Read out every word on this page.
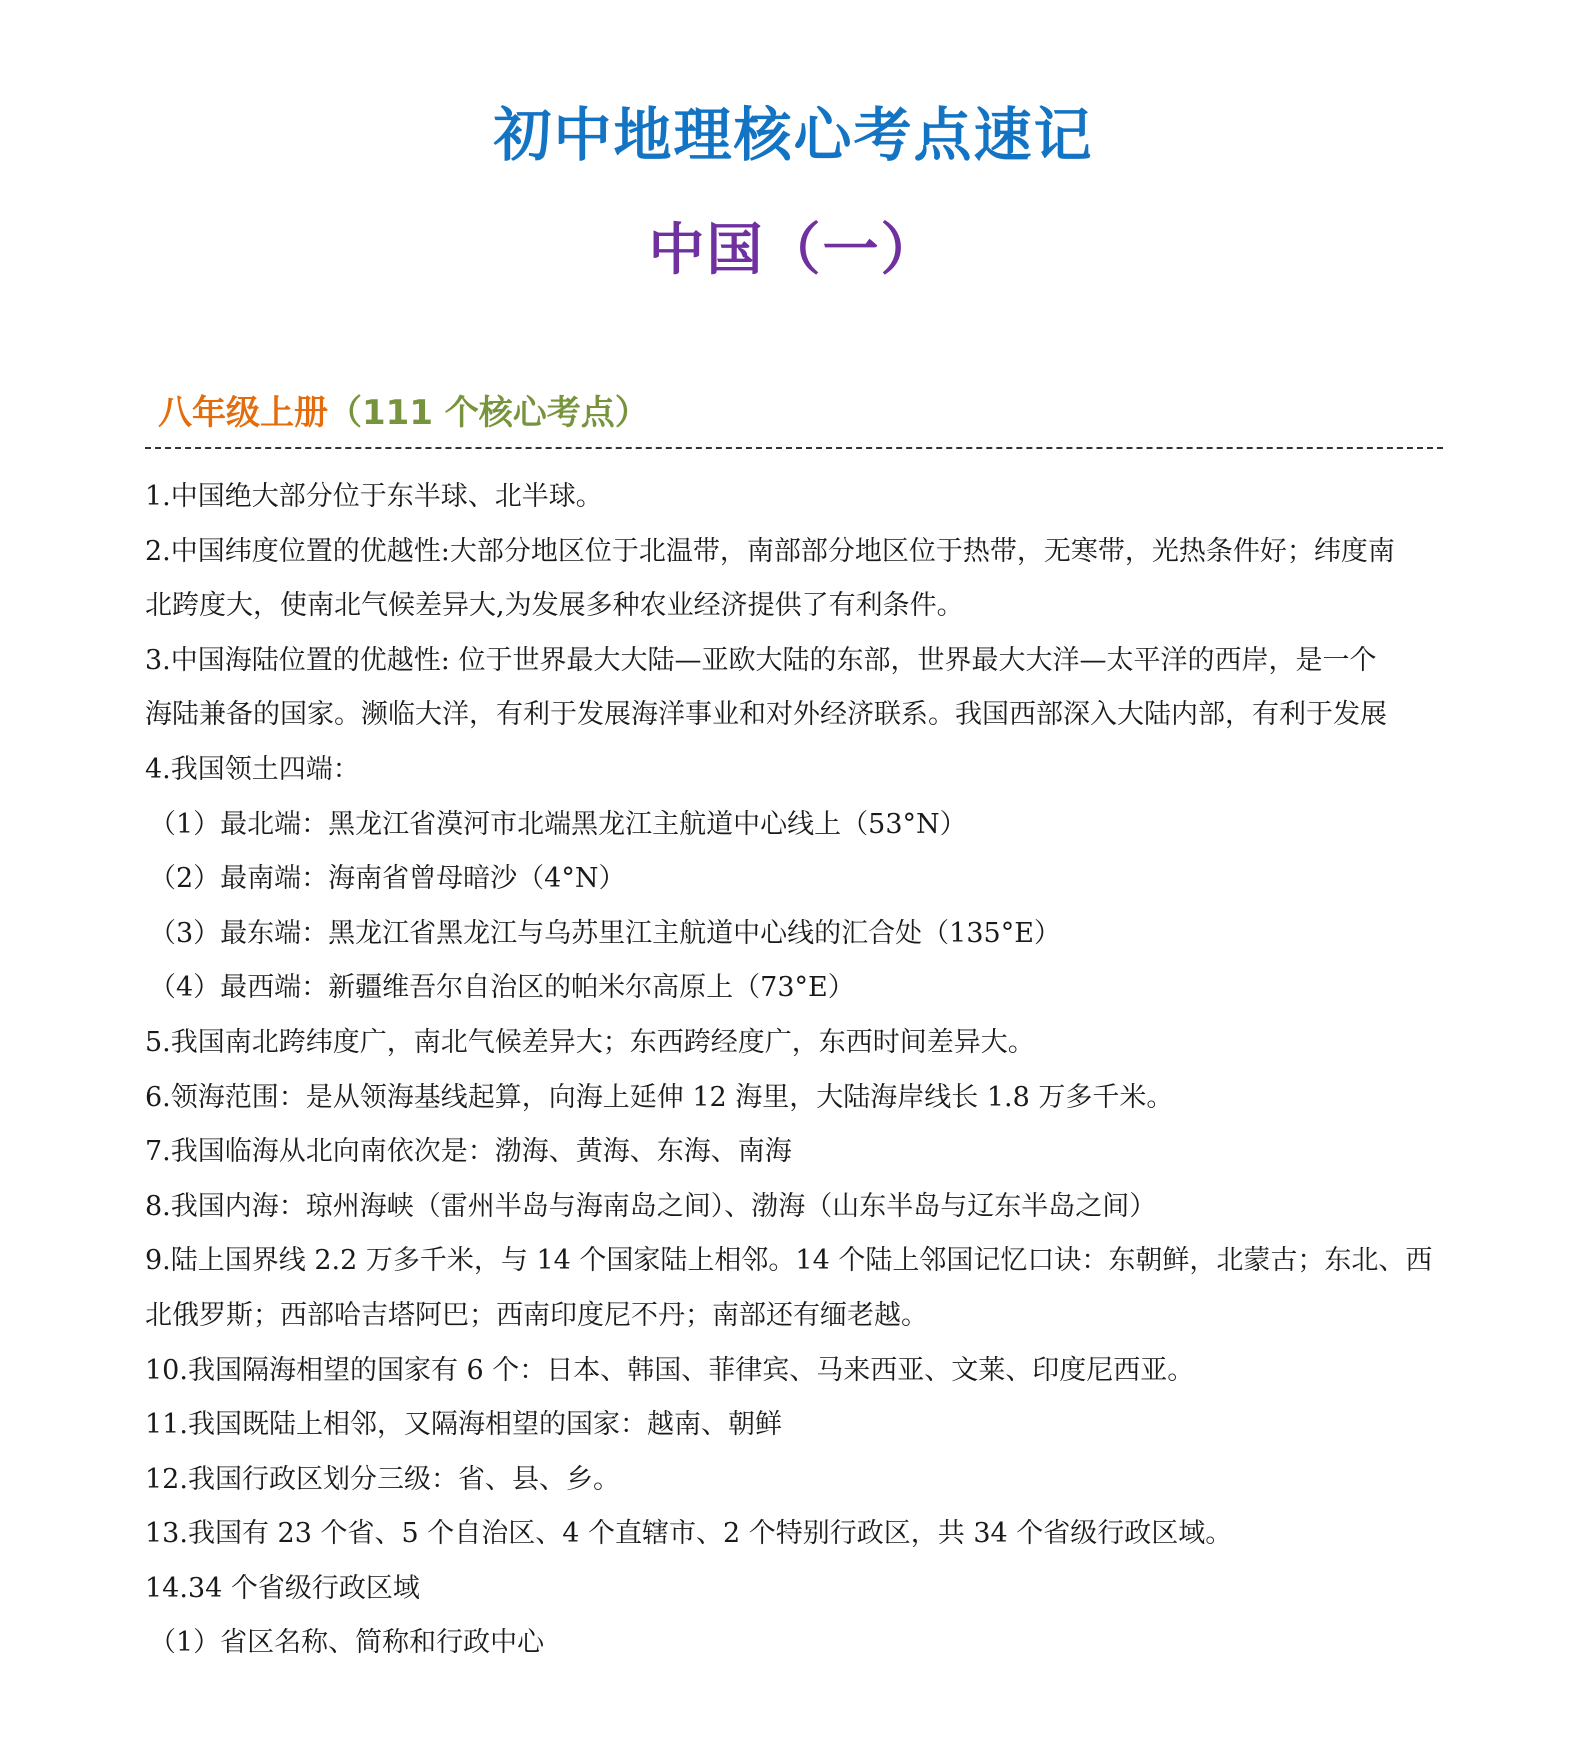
初中地理核心考点速记
中国（一）
八年级上册（111 个核心考点）

1.中国绝大部分位于东半球、北半球。

2.中国纬度位置的优越性:大部分地区位于北温带，南部部分地区位于热带，无寒带，光热条件好；纬度南

北跨度大，使南北气候差异大,为发展多种农业经济提供了有利条件。

3.中国海陆位置的优越性: 位于世界最大大陆—亚欧大陆的东部，世界最大大洋—太平洋的西岸，是一个

海陆兼备的国家。濒临大洋，有利于发展海洋事业和对外经济联系。我国西部深入大陆内部，有利于发展

4.我国领土四端：

（1）最北端：黑龙江省漠河市北端黑龙江主航道中心线上（53°N）

（2）最南端：海南省曾母暗沙（4°N）

（3）最东端：黑龙江省黑龙江与乌苏里江主航道中心线的汇合处（135°E）

（4）最西端：新疆维吾尔自治区的帕米尔高原上（73°E）

5.我国南北跨纬度广，南北气候差异大；东西跨经度广，东西时间差异大。

6.领海范围：是从领海基线起算，向海上延伸 12 海里，大陆海岸线长 1.8 万多千米。

7.我国临海从北向南依次是：渤海、黄海、东海、南海

8.我国内海：琼州海峡（雷州半岛与海南岛之间）、渤海（山东半岛与辽东半岛之间）

9.陆上国界线 2.2 万多千米，与 14 个国家陆上相邻。14 个陆上邻国记忆口诀：东朝鲜，北蒙古；东北、西

北俄罗斯；西部哈吉塔阿巴；西南印度尼不丹；南部还有缅老越。

10.我国隔海相望的国家有 6 个：日本、韩国、菲律宾、马来西亚、文莱、印度尼西亚。

11.我国既陆上相邻，又隔海相望的国家：越南、朝鲜

12.我国行政区划分三级：省、县、乡。

13.我国有 23 个省、5 个自治区、4 个直辖市、2 个特别行政区，共 34 个省级行政区域。

14.34 个省级行政区域

（1）省区名称、简称和行政中心
